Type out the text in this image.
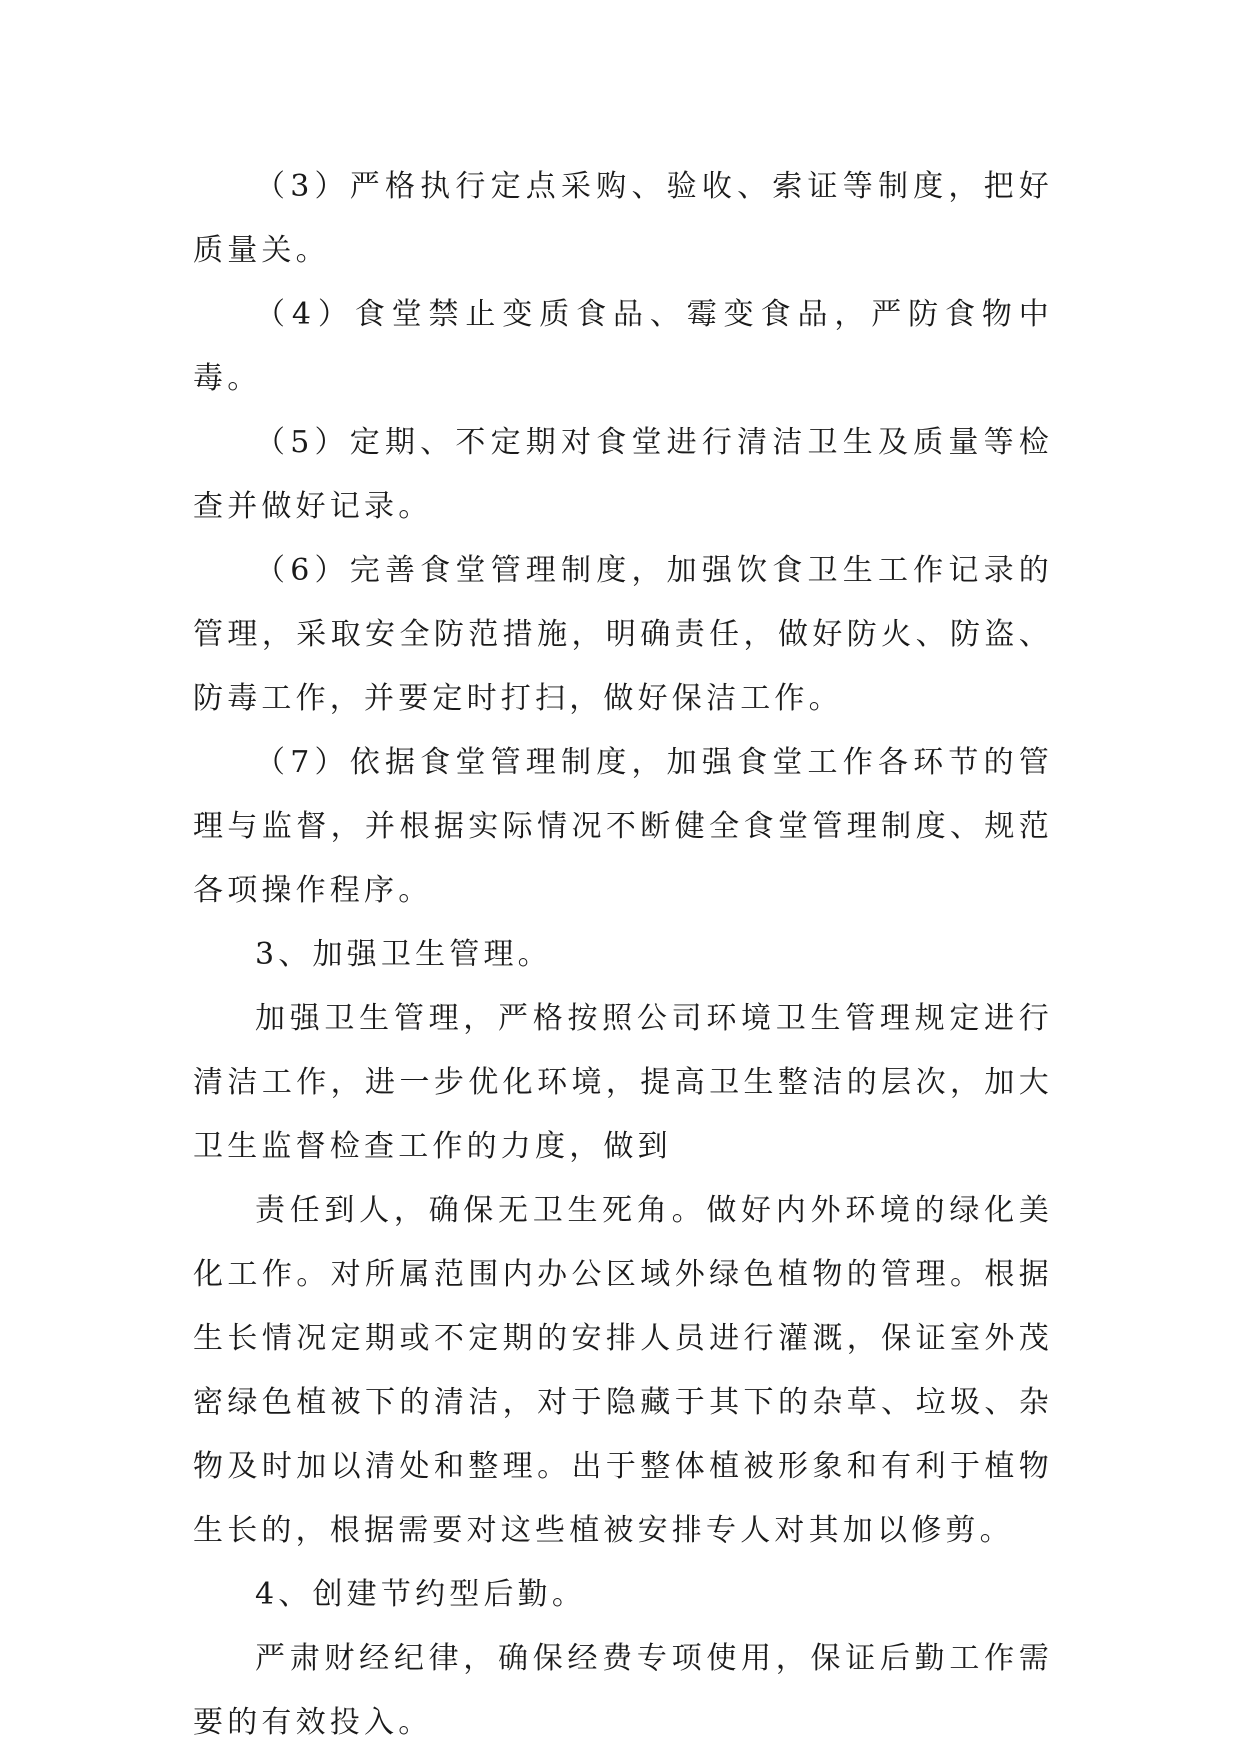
（3）严格执行定点采购、验收、索证等制度，把好质量关。

（4）食堂禁止变质食品、霉变食品，严防食物中毒。

（5）定期、不定期对食堂进行清洁卫生及质量等检查并做好记录。

（6）完善食堂管理制度，加强饮食卫生工作记录的管理，采取安全防范措施，明确责任，做好防火、防盗、防毒工作，并要定时打扫，做好保洁工作。

（7）依据食堂管理制度，加强食堂工作各环节的管理与监督，并根据实际情况不断健全食堂管理制度、规范各项操作程序。

3、加强卫生管理。

加强卫生管理，严格按照公司环境卫生管理规定进行清洁工作，进一步优化环境，提高卫生整洁的层次，加大卫生监督检查工作的力度，做到

责任到人，确保无卫生死角。做好内外环境的绿化美化工作。对所属范围内办公区域外绿色植物的管理。根据生长情况定期或不定期的安排人员进行灌溉，保证室外茂密绿色植被下的清洁，对于隐藏于其下的杂草、垃圾、杂物及时加以清处和整理。出于整体植被形象和有利于植物生长的，根据需要对这些植被安排专人对其加以修剪。

4、创建节约型后勤。

严肃财经纪律，确保经费专项使用，保证后勤工作需要的有效投入。
